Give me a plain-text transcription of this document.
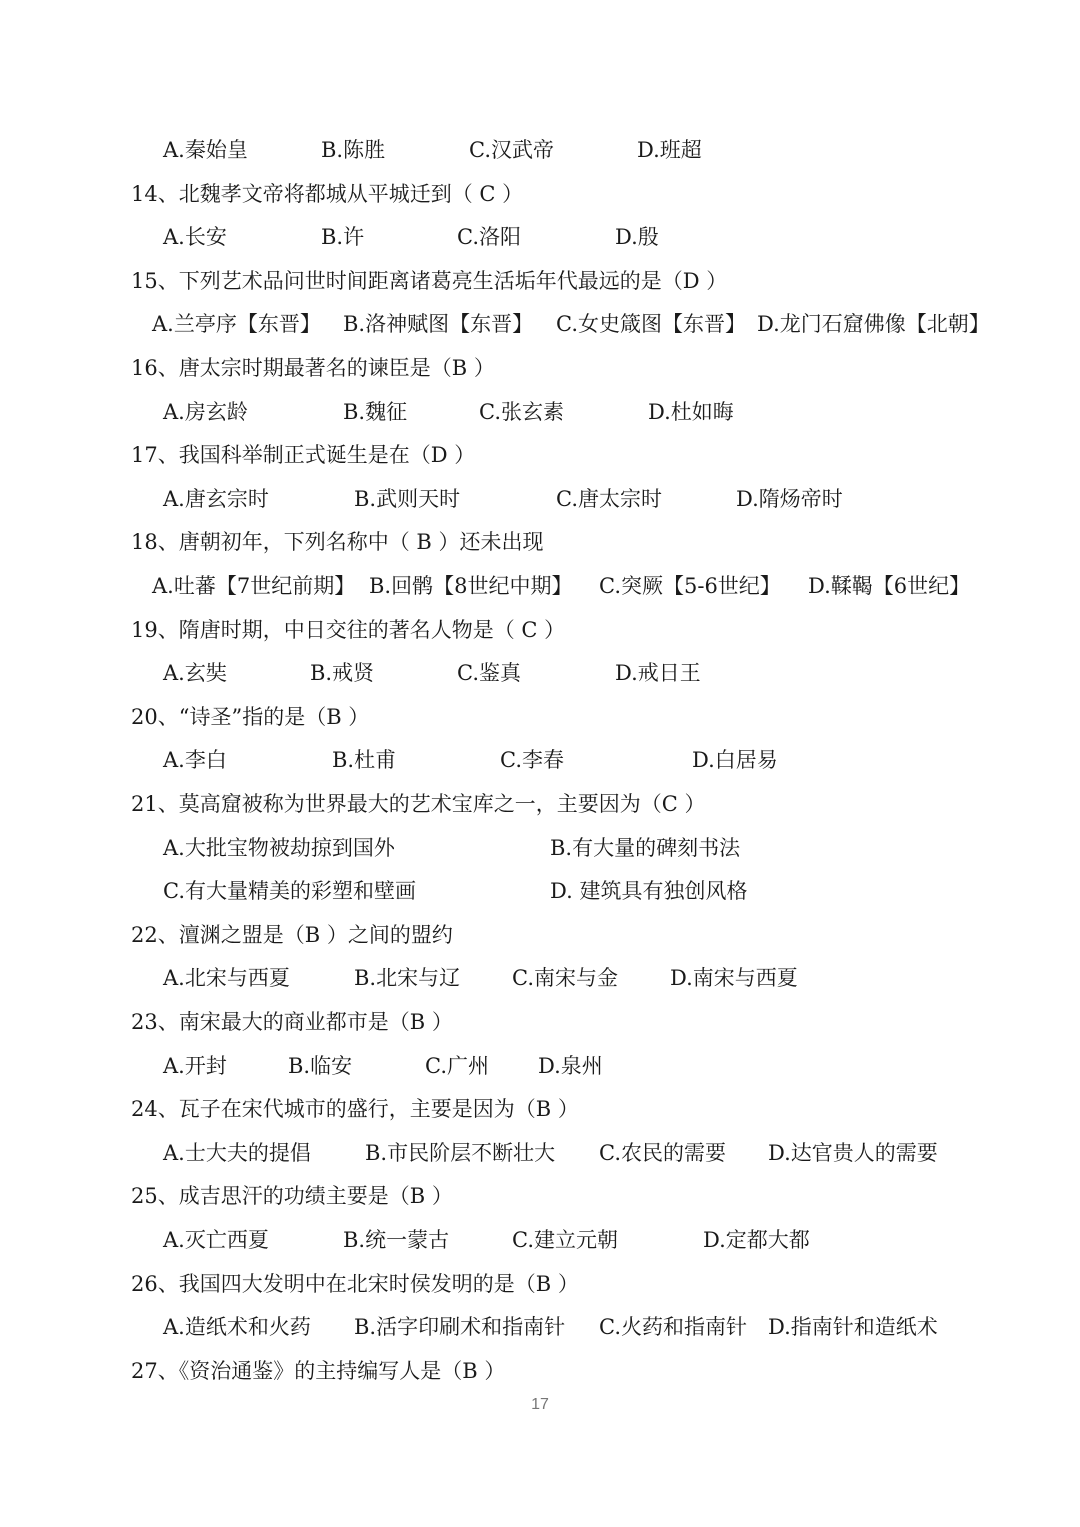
A.秦始皇	B.陈胜	C.汉武帝	D.班超
14、北魏孝文帝将都城从平城迁到（ C ）
A.长安	B.许	C.洛阳	D.殷
15、下列艺术品问世时间距离诸葛亮生活垢年代最远的是（D ）
A.兰亭序【东晋】 B.洛神赋图【东晋】 C.女史箴图【东晋】 D.龙门石窟佛像【北朝】
16、唐太宗时期最著名的谏臣是（B ）
A.房玄龄	B.魏征	C.张玄素	D.杜如晦
17、我国科举制正式诞生是在（D ）
A.唐玄宗时	B.武则天时	C.唐太宗时	D.隋炀帝时
18、唐朝初年，下列名称中（ B ）还未出现
A.吐蕃【7世纪前期】 B.回鹘【8世纪中期】 C.突厥【5-6世纪】 D.鞣鞨【6世纪】
19、隋唐时期，中日交往的著名人物是（ C ）
A.玄奘	B.戒贤	C.鉴真	D.戒日王
20、“诗圣”指的是（B ）
A.李白	B.杜甫	C.李春	D.白居易
21、莫高窟被称为世界最大的艺术宝库之一，主要因为（C ）
A.大批宝物被劫掠到国外	B.有大量的碑刻书法
C.有大量精美的彩塑和壁画	D. 建筑具有独创风格
22、澶渊之盟是（B ）之间的盟约
A.北宋与西夏	B.北宋与辽 C.南宋与金 D.南宋与西夏
23、南宋最大的商业都市是（B ）
A.开封	B.临安	C.广州 D.泉州
24、瓦子在宋代城市的盛行，主要是因为（B ）
A.士大夫的提倡	B.市民阶层不断壮大 C.农民的需要 D.达官贵人的需要
25、成吉思汗的功绩主要是（B ）
A.灭亡西夏	B.统一蒙古	C.建立元朝	D.定都大都
26、我国四大发明中在北宋时侯发明的是（B ）
A.造纸术和火药 B.活字印刷术和指南针 C.火药和指南针 D.指南针和造纸术
27、《资治通鉴》的主持编写人是（B ）
17
